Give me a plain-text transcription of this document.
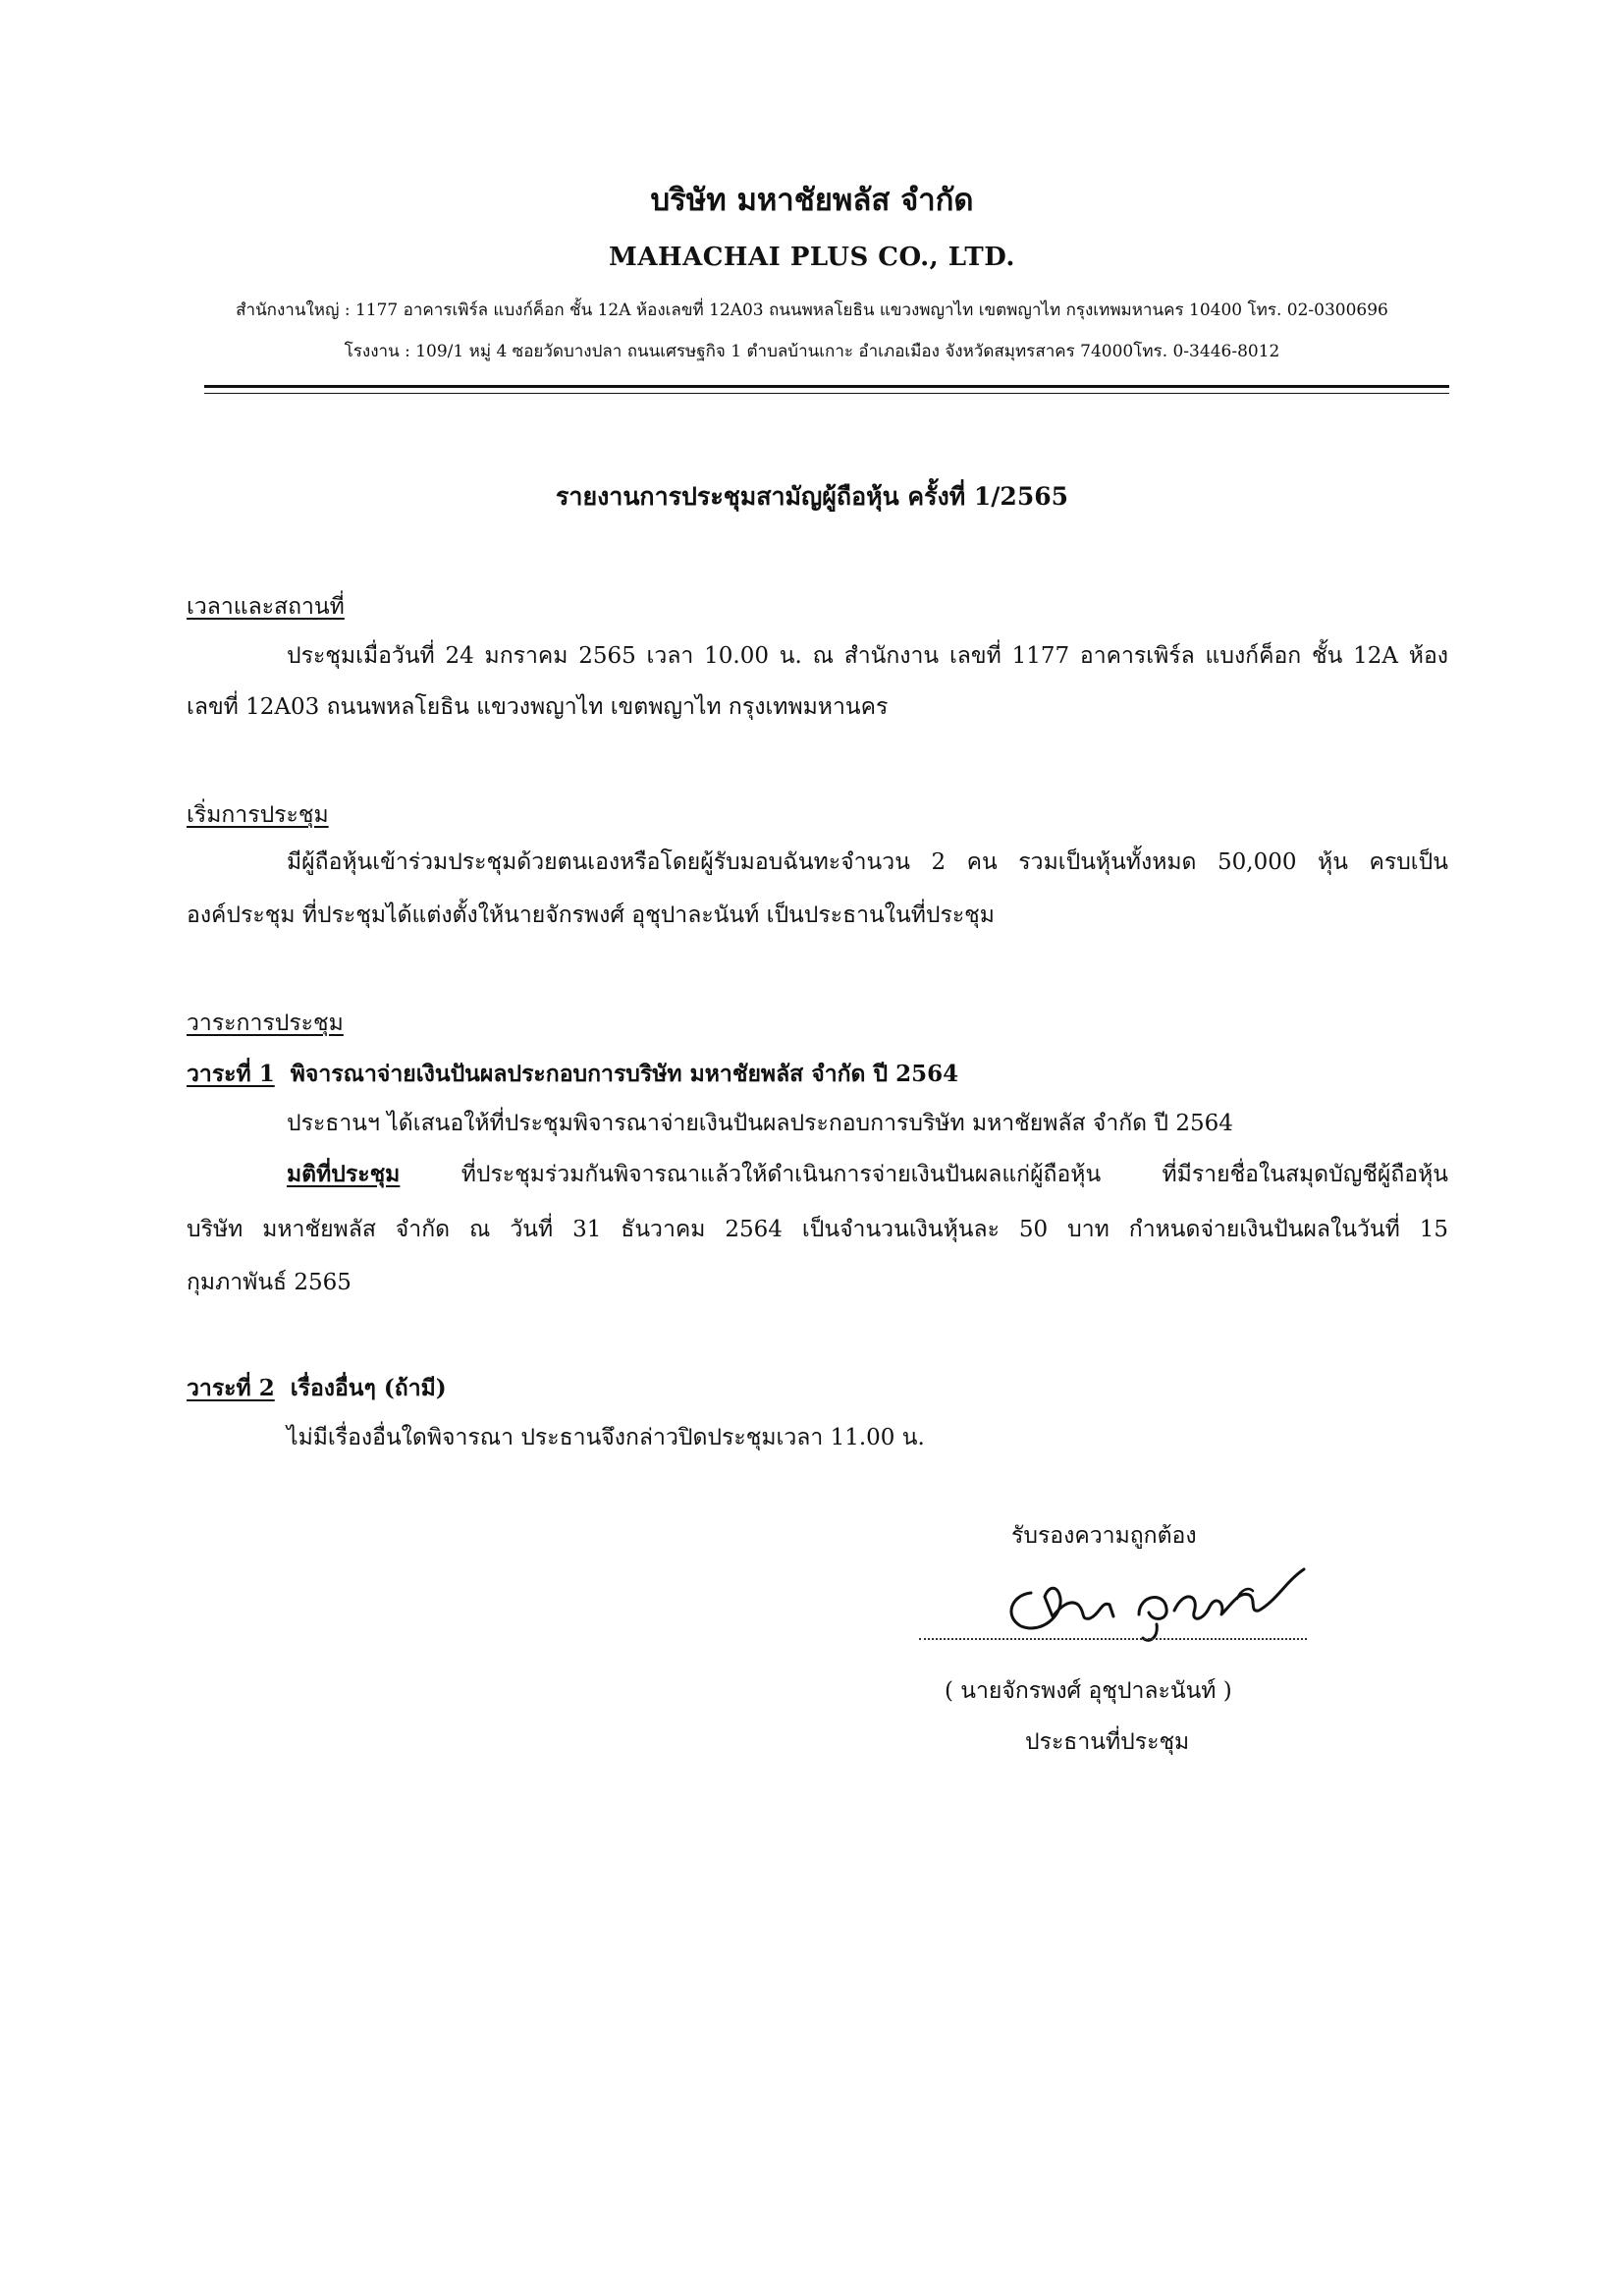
บริษัท มหาชัยพลัส จำกัด
MAHACHAI PLUS CO., LTD.
สำนักงานใหญ่ : 1177 อาคารเพิร์ล แบงก์ค็อก ชั้น 12A ห้องเลขที่ 12A03 ถนนพหลโยธิน แขวงพญาไท เขตพญาไท กรุงเทพมหานคร 10400 โทร. 02-0300696
โรงงาน : 109/1 หมู่ 4 ซอยวัดบางปลา ถนนเศรษฐกิจ 1 ตำบลบ้านเกาะ อำเภอเมือง จังหวัดสมุทรสาคร 74000โทร. 0-3446-8012
รายงานการประชุมสามัญผู้ถือหุ้น ครั้งที่ 1/2565
เวลาและสถานที่
ประชุมเมื่อวันที่ 24 มกราคม 2565 เวลา 10.00 น. ณ สำนักงาน เลขที่ 1177 อาคารเพิร์ล แบงก์ค็อก ชั้น 12A ห้อง
เลขที่ 12A03 ถนนพหลโยธิน แขวงพญาไท เขตพญาไท กรุงเทพมหานคร
เริ่มการประชุม
มีผู้ถือหุ้นเข้าร่วมประชุมด้วยตนเองหรือโดยผู้รับมอบฉันทะจำนวน 2 คน รวมเป็นหุ้นทั้งหมด 50,000 หุ้น ครบเป็น
องค์ประชุม ที่ประชุมได้แต่งตั้งให้นายจักรพงศ์ อุชุปาละนันท์ เป็นประธานในที่ประชุม
วาระการประชุม
วาระที่ 1 พิจารณาจ่ายเงินปันผลประกอบการบริษัท มหาชัยพลัส จำกัด ปี 2564
ประธานฯ ได้เสนอให้ที่ประชุมพิจารณาจ่ายเงินปันผลประกอบการบริษัท มหาชัยพลัส จำกัด ปี 2564
มติที่ประชุม	ที่ประชุมร่วมกันพิจารณาแล้วให้ดำเนินการจ่ายเงินปันผลแก่ผู้ถือหุ้น ที่มีรายชื่อในสมุดบัญชีผู้ถือหุ้น
บริษัท มหาชัยพลัส จำกัด ณ วันที่ 31 ธันวาคม 2564 เป็นจำนวนเงินหุ้นละ 50 บาท กำหนดจ่ายเงินปันผลในวันที่ 15
กุมภาพันธ์ 2565
วาระที่ 2 เรื่องอื่นๆ (ถ้ามี)
ไม่มีเรื่องอื่นใดพิจารณา ประธานจึงกล่าวปิดประชุมเวลา 11.00 น.
รับรองความถูกต้อง
( นายจักรพงศ์ อุชุปาละนันท์ )
ประธานที่ประชุม
